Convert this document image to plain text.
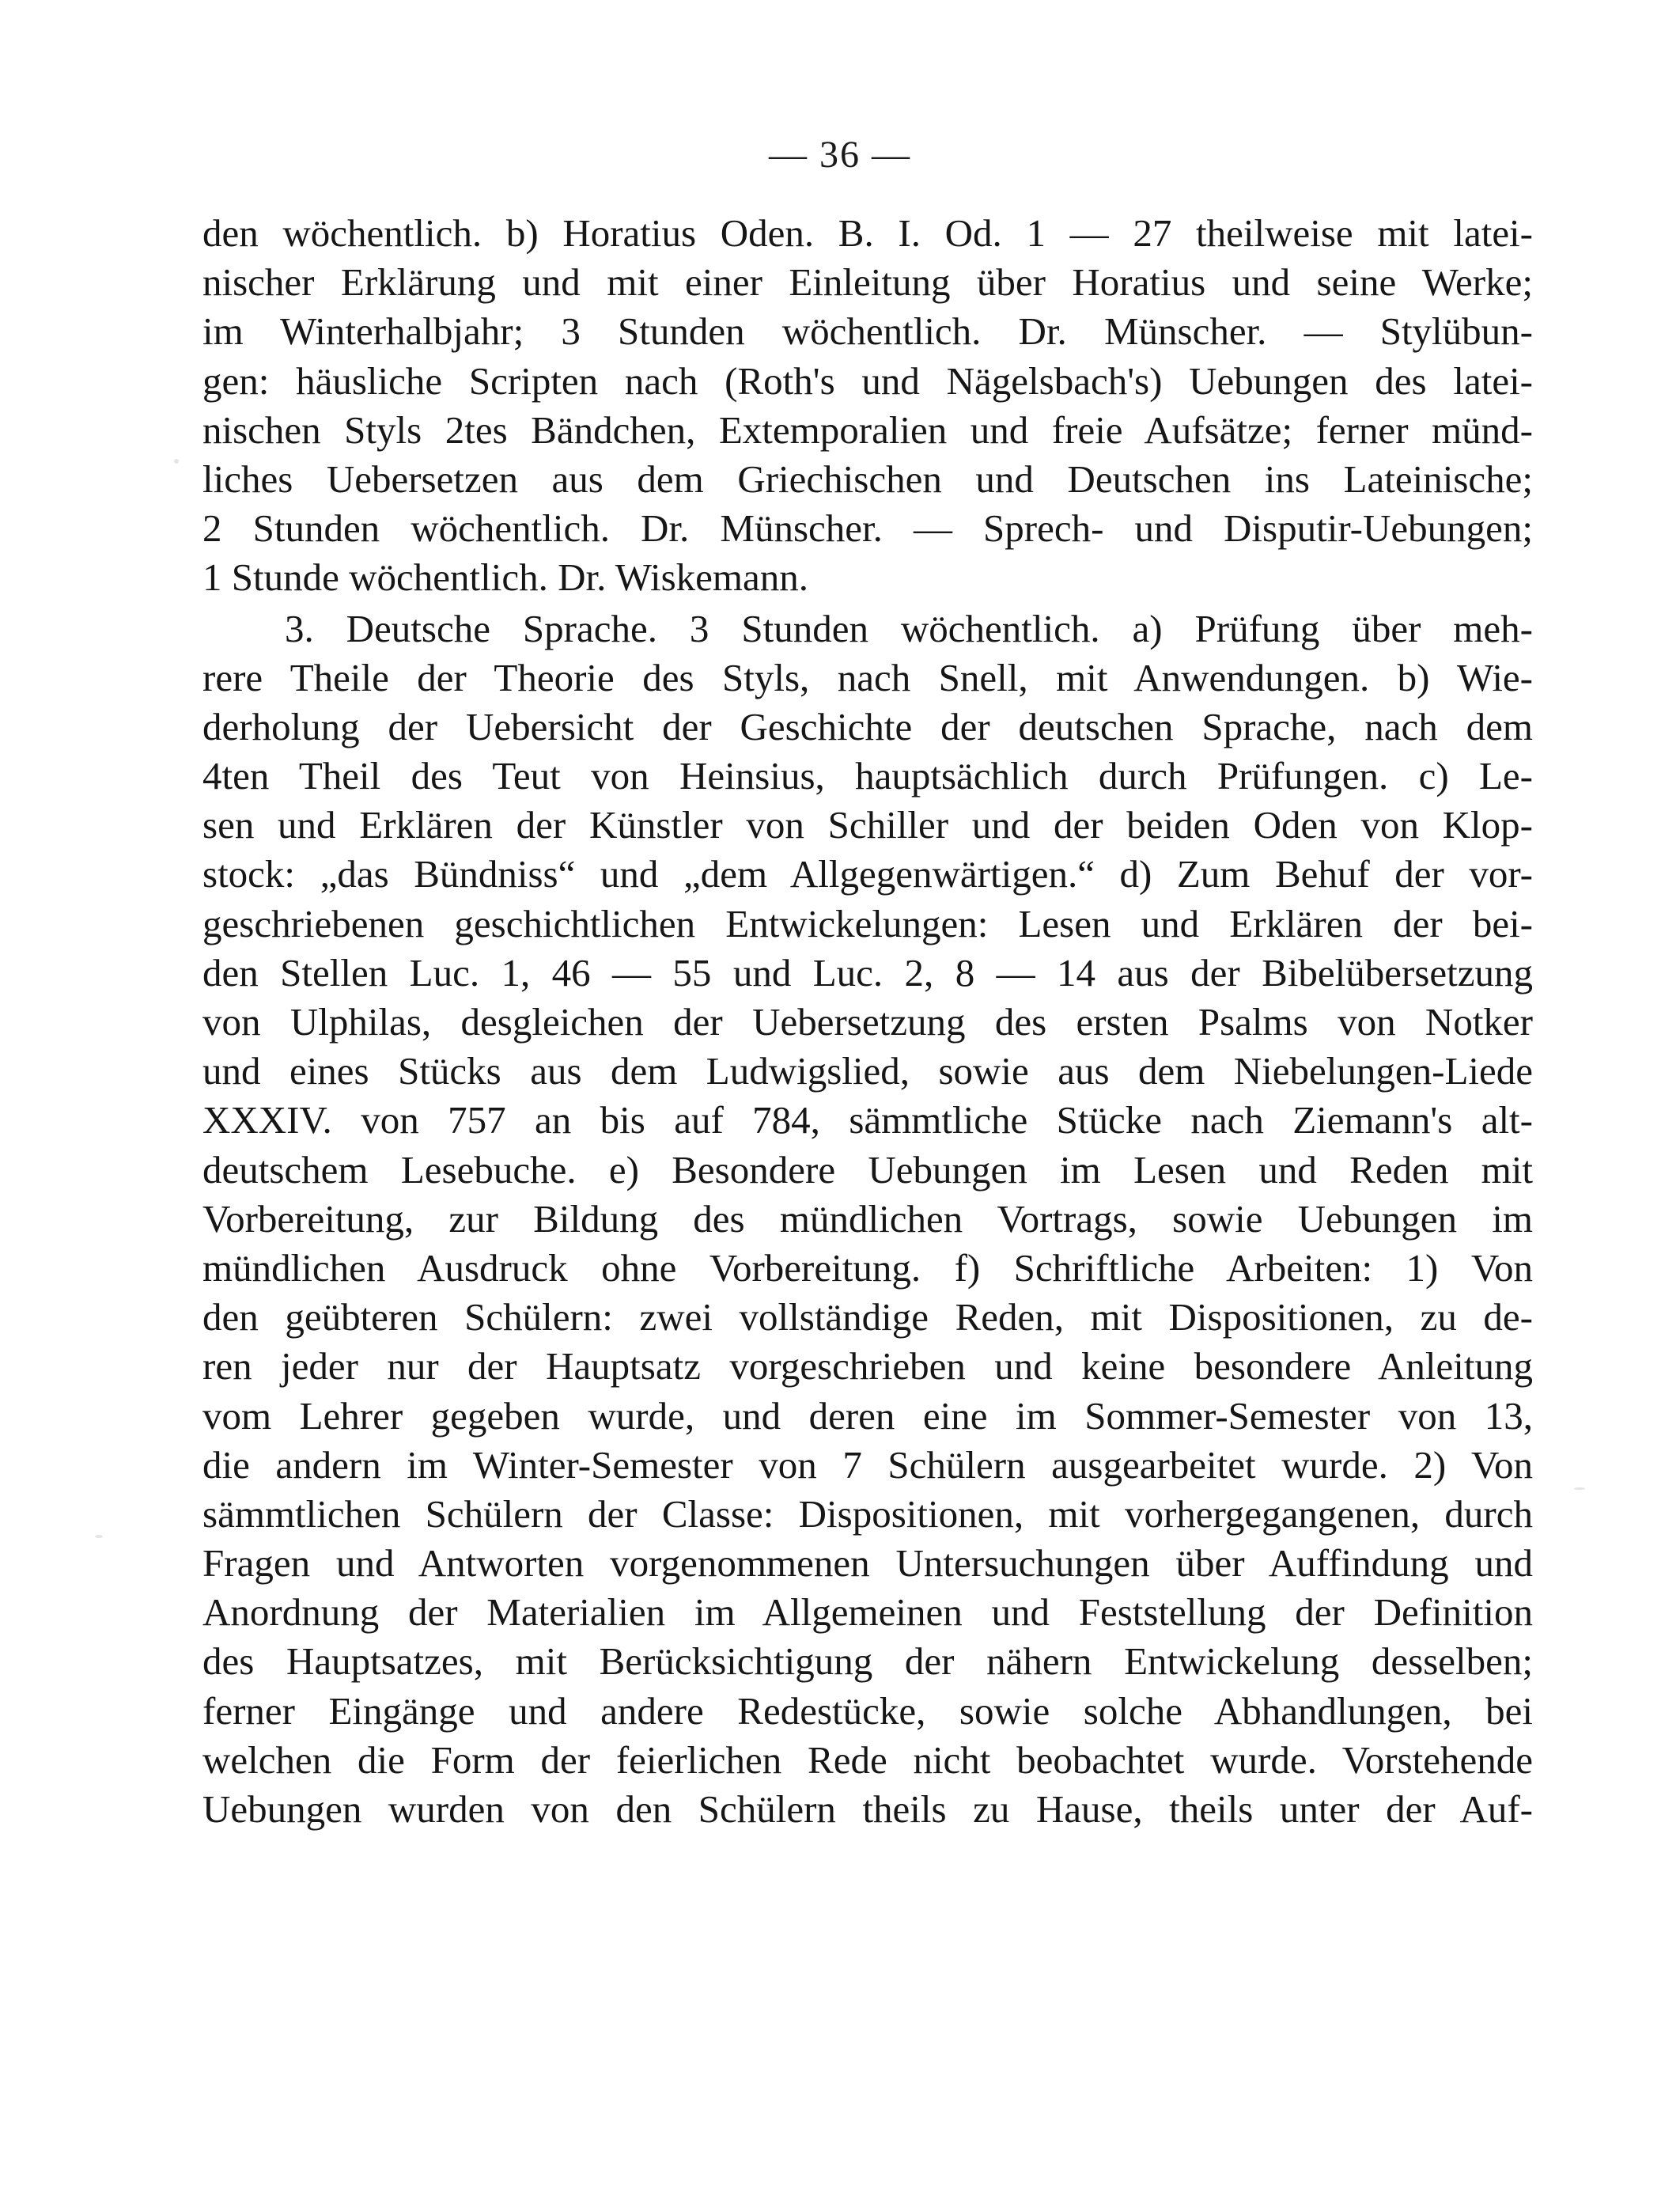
— 36 —
den wöchentlich. b) Horatius Oden. B. I. Od. 1 — 27 theilweise mit latei-
nischer Erklärung und mit einer Einleitung über Horatius und seine Werke;
im Winterhalbjahr; 3 Stunden wöchentlich. Dr. Münscher. — Stylübun-
gen: häusliche Scripten nach (Roth's und Nägelsbach's) Uebungen des latei-
nischen Styls 2tes Bändchen, Extemporalien und freie Aufsätze; ferner münd-
liches Uebersetzen aus dem Griechischen und Deutschen ins Lateinische;
2 Stunden wöchentlich. Dr. Münscher. — Sprech- und Disputir-Uebungen;
1 Stunde wöchentlich. Dr. Wiskemann.
3. Deutsche Sprache. 3 Stunden wöchentlich. a) Prüfung über meh-
rere Theile der Theorie des Styls, nach Snell, mit Anwendungen. b) Wie-
derholung der Uebersicht der Geschichte der deutschen Sprache, nach dem
4ten Theil des Teut von Heinsius, hauptsächlich durch Prüfungen. c) Le-
sen und Erklären der Künstler von Schiller und der beiden Oden von Klop-
stock: „das Bündniss“ und „dem Allgegenwärtigen.“ d) Zum Behuf der vor-
geschriebenen geschichtlichen Entwickelungen: Lesen und Erklären der bei-
den Stellen Luc. 1, 46 — 55 und Luc. 2, 8 — 14 aus der Bibelübersetzung
von Ulphilas, desgleichen der Uebersetzung des ersten Psalms von Notker
und eines Stücks aus dem Ludwigslied, sowie aus dem Niebelungen-Liede
XXXIV. von 757 an bis auf 784, sämmtliche Stücke nach Ziemann's alt-
deutschem Lesebuche. e) Besondere Uebungen im Lesen und Reden mit
Vorbereitung, zur Bildung des mündlichen Vortrags, sowie Uebungen im
mündlichen Ausdruck ohne Vorbereitung. f) Schriftliche Arbeiten: 1) Von
den geübteren Schülern: zwei vollständige Reden, mit Dispositionen, zu de-
ren jeder nur der Hauptsatz vorgeschrieben und keine besondere Anleitung
vom Lehrer gegeben wurde, und deren eine im Sommer-Semester von 13,
die andern im Winter-Semester von 7 Schülern ausgearbeitet wurde. 2) Von
sämmtlichen Schülern der Classe: Dispositionen, mit vorhergegangenen, durch
Fragen und Antworten vorgenommenen Untersuchungen über Auffindung und
Anordnung der Materialien im Allgemeinen und Feststellung der Definition
des Hauptsatzes, mit Berücksichtigung der nähern Entwickelung desselben;
ferner Eingänge und andere Redestücke, sowie solche Abhandlungen, bei
welchen die Form der feierlichen Rede nicht beobachtet wurde. Vorstehende
Uebungen wurden von den Schülern theils zu Hause, theils unter der Auf-
